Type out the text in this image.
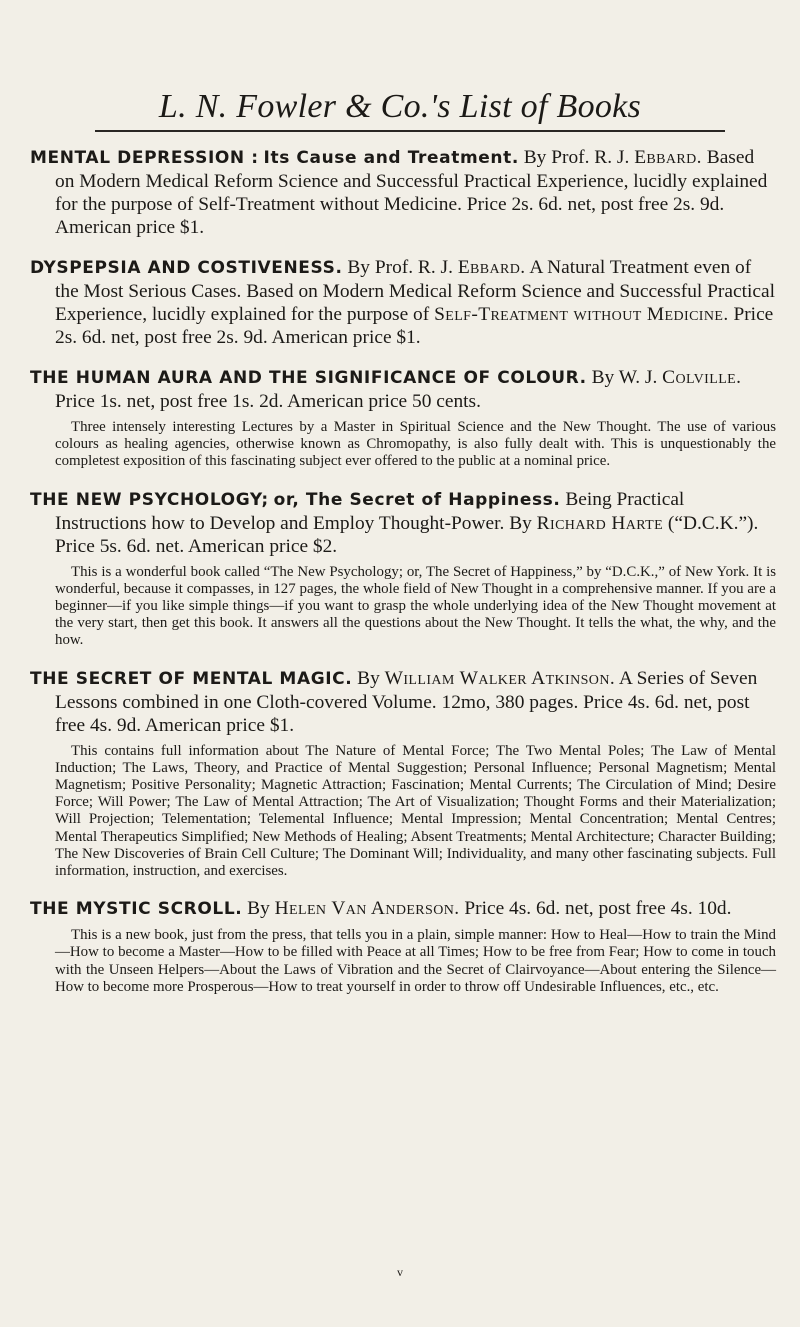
L. N. Fowler & Co.'s List of Books
MENTAL DEPRESSION : Its Cause and Treatment. By Prof. R. J. Ebbard. Based on Modern Medical Reform Science and Successful Practical Experience, lucidly explained for the purpose of Self-Treatment without Medicine. Price 2s. 6d. net, post free 2s. 9d. American price $1.
DYSPEPSIA AND COSTIVENESS. By Prof. R. J. Ebbard. A Natural Treatment even of the Most Serious Cases. Based on Modern Medical Reform Science and Successful Practical Experience, lucidly explained for the purpose of Self-Treatment without Medicine. Price 2s. 6d. net, post free 2s. 9d. American price $1.
THE HUMAN AURA AND THE SIGNIFICANCE OF COLOUR. By W. J. Colville. Price 1s. net, post free 1s. 2d. American price 50 cents.
Three intensely interesting Lectures by a Master in Spiritual Science and the New Thought. The use of various colours as healing agencies, otherwise known as Chromopathy, is also fully dealt with. This is unquestionably the completest exposition of this fascinating subject ever offered to the public at a nominal price.
THE NEW PSYCHOLOGY; or, The Secret of Happiness. Being Practical Instructions how to Develop and Employ Thought-Power. By Richard Harte (“D.C.K.”). Price 5s. 6d. net. American price $2.
This is a wonderful book called “The New Psychology; or, The Secret of Happiness,” by “D.C.K.,” of New York. It is wonderful, because it compasses, in 127 pages, the whole field of New Thought in a comprehensive manner. If you are a beginner—if you like simple things—if you want to grasp the whole underlying idea of the New Thought movement at the very start, then get this book. It answers all the questions about the New Thought. It tells the what, the why, and the how.
THE SECRET OF MENTAL MAGIC. By William Walker Atkinson. A Series of Seven Lessons combined in one Cloth-covered Volume. 12mo, 380 pages. Price 4s. 6d. net, post free 4s. 9d. American price $1.
This contains full information about The Nature of Mental Force; The Two Mental Poles; The Law of Mental Induction; The Laws, Theory, and Practice of Mental Suggestion; Personal Influence; Personal Magnetism; Mental Magnetism; Positive Personality; Magnetic Attraction; Fascination; Mental Currents; The Circulation of Mind; Desire Force; Will Power; The Law of Mental Attraction; The Art of Visualization; Thought Forms and their Materialization; Will Projection; Telementation; Telemental Influence; Mental Impression; Mental Concentration; Mental Centres; Mental Therapeutics Simplified; New Methods of Healing; Absent Treatments; Mental Architecture; Character Building; The New Discoveries of Brain Cell Culture; The Dominant Will; Individuality, and many other fascinating subjects. Full information, instruction, and exercises.
THE MYSTIC SCROLL. By Helen Van Anderson. Price 4s. 6d. net, post free 4s. 10d.
This is a new book, just from the press, that tells you in a plain, simple manner: How to Heal—How to train the Mind—How to become a Master—How to be filled with Peace at all Times; How to be free from Fear; How to come in touch with the Unseen Helpers—About the Laws of Vibration and the Secret of Clairvoyance—About entering the Silence—How to become more Prosperous—How to treat yourself in order to throw off Undesirable Influences, etc., etc.
v
